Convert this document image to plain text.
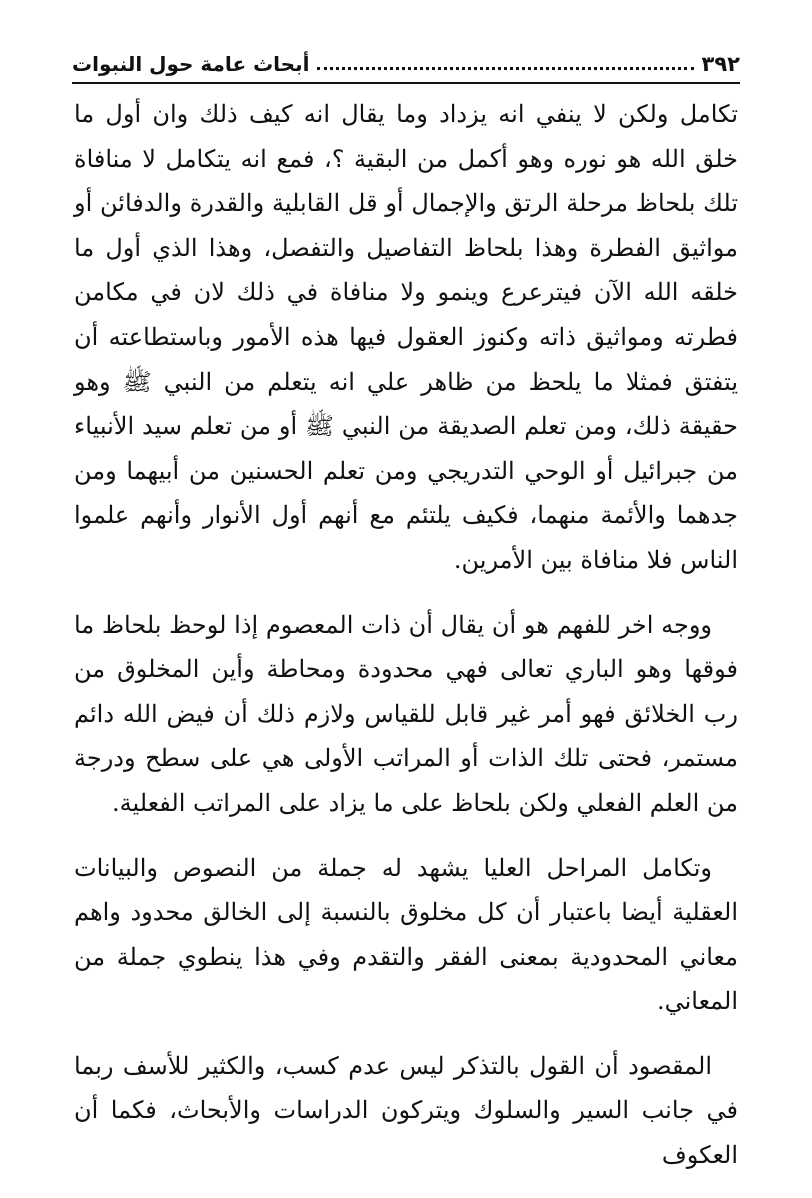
٣٩٢
أبحاث عامة حول النبوات

تكامل ولكن لا ينفي انه يزداد وما يقال انه كيف ذلك وان أول ما خلق الله هو نوره وهو أكمل من البقية ؟، فمع انه يتكامل لا منافاة تلك بلحاظ مرحلة الرتق والإجمال أو قل القابلية والقدرة والدفائن أو مواثيق الفطرة وهذا بلحاظ التفاصيل والتفصل، وهذا الذي أول ما خلقه الله الآن فيترعرع وينمو ولا منافاة في ذلك لان في مكامن فطرته ومواثيق ذاته وكنوز العقول فيها هذه الأمور وباستطاعته أن يتفتق فمثلا ما يلحظ من ظاهر علي انه يتعلم من النبي ﷺ وهو حقيقة ذلك، ومن تعلم الصديقة من النبي ﷺ أو من تعلم سيد الأنبياء من جبرائيل أو الوحي التدريجي ومن تعلم الحسنين من أبيهما ومن جدهما والأئمة منهما، فكيف يلتئم مع أنهم أول الأنوار وأنهم علموا الناس فلا منافاة بين الأمرين.

ووجه اخر للفهم هو أن يقال أن ذات المعصوم إذا لوحظ بلحاظ ما فوقها وهو الباري تعالى فهي محدودة ومحاطة وأين المخلوق من رب الخلائق فهو أمر غير قابل للقياس ولازم ذلك أن فيض الله دائم مستمر، فحتى تلك الذات أو المراتب الأولى هي على سطح ودرجة من العلم الفعلي ولكن بلحاظ على ما يزاد على المراتب الفعلية.

وتكامل المراحل العليا يشهد له جملة من النصوص والبيانات العقلية أيضا باعتبار أن كل مخلوق بالنسبة إلى الخالق محدود واهم معاني المحدودية بمعنى الفقر والتقدم وفي هذا ينطوي جملة من المعاني.

المقصود أن القول بالتذكر ليس عدم كسب، والكثير للأسف ربما في جانب السير والسلوك ويتركون الدراسات والأبحاث، فكما أن العكوف
